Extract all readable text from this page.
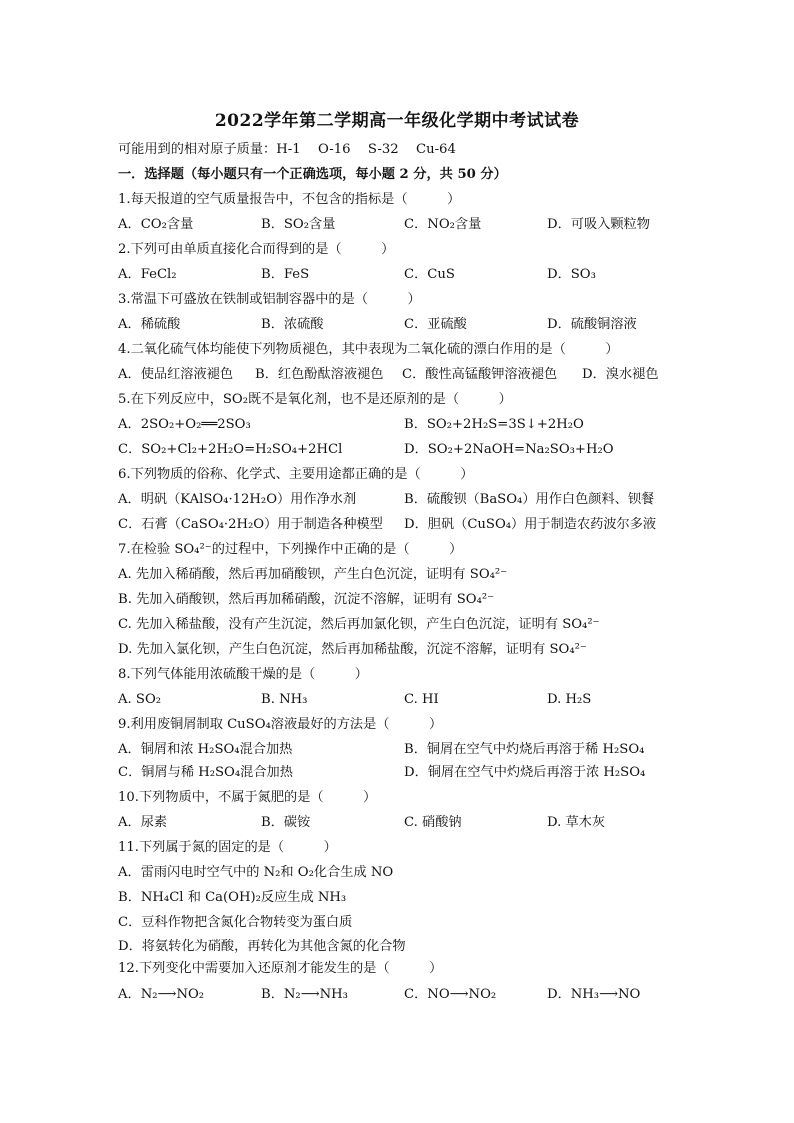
2022学年第二学期高一年级化学期中考试试卷
可能用到的相对原子质量：H-1　 O-16　 S-32　 Cu-64
一．选择题（每小题只有一个正确选项，每小题 2 分，共 50 分）
1.每天报道的空气质量报告中，不包含的指标是（　　　）
A．CO₂含量	B．SO₂含量	C．NO₂含量	D．可吸入颗粒物
2.下列可由单质直接化合而得到的是（　　　）
A．FeCl₂	B．FeS	C．CuS	D．SO₃
3.常温下可盛放在铁制或铝制容器中的是（　　　）
A．稀硫酸	B．浓硫酸	C．亚硫酸	D．硫酸铜溶液
4.二氧化硫气体均能使下列物质褪色，其中表现为二氧化硫的漂白作用的是（　　　）
A．使品红溶液褪色 B．红色酚酞溶液褪色 C．酸性高锰酸钾溶液褪色 D．溴水褪色
5.在下列反应中，SO₂既不是氧化剂，也不是还原剂的是（　　　）
A．2SO₂+O₂══2SO₃	B．SO₂+2H₂S=3S↓+2H₂O
C．SO₂+Cl₂+2H₂O=H₂SO₄+2HCl	D．SO₂+2NaOH=Na₂SO₃+H₂O
6.下列物质的俗称、化学式、主要用途都正确的是（　　　）
A．明矾（KAlSO₄·12H₂O）用作净水剂	B．硫酸钡（BaSO₄）用作白色颜料、钡餐
C．石膏（CaSO₄·2H₂O）用于制造各种模型 D．胆矾（CuSO₄）用于制造农药波尔多液
7.在检验 SO₄²⁻的过程中，下列操作中正确的是（　　　）
A. 先加入稀硝酸，然后再加硝酸钡，产生白色沉淀，证明有 SO₄²⁻
B. 先加入硝酸钡，然后再加稀硝酸，沉淀不溶解，证明有 SO₄²⁻
C. 先加入稀盐酸，没有产生沉淀，然后再加氯化钡，产生白色沉淀，证明有 SO₄²⁻
D. 先加入氯化钡，产生白色沉淀，然后再加稀盐酸，沉淀不溶解，证明有 SO₄²⁻
8.下列气体能用浓硫酸干燥的是（　　　）
A. SO₂	B. NH₃	C. HI	D. H₂S
9.利用废铜屑制取 CuSO₄溶液最好的方法是（　　　）
A．铜屑和浓 H₂SO₄混合加热	B．铜屑在空气中灼烧后再溶于稀 H₂SO₄
C．铜屑与稀 H₂SO₄混合加热	D．铜屑在空气中灼烧后再溶于浓 H₂SO₄
10.下列物质中，不属于氮肥的是（　　　）
A．尿素	B．碳铵	C. 硝酸钠	D. 草木灰
11.下列属于氮的固定的是（　　　）
A．雷雨闪电时空气中的 N₂和 O₂化合生成 NO
B．NH₄Cl 和 Ca(OH)₂反应生成 NH₃
C．豆科作物把含氮化合物转变为蛋白质
D．将氨转化为硝酸，再转化为其他含氮的化合物
12.下列变化中需要加入还原剂才能发生的是（　　　）
A．N₂⟶NO₂	B．N₂⟶NH₃	C．NO⟶NO₂	D．NH₃⟶NO
